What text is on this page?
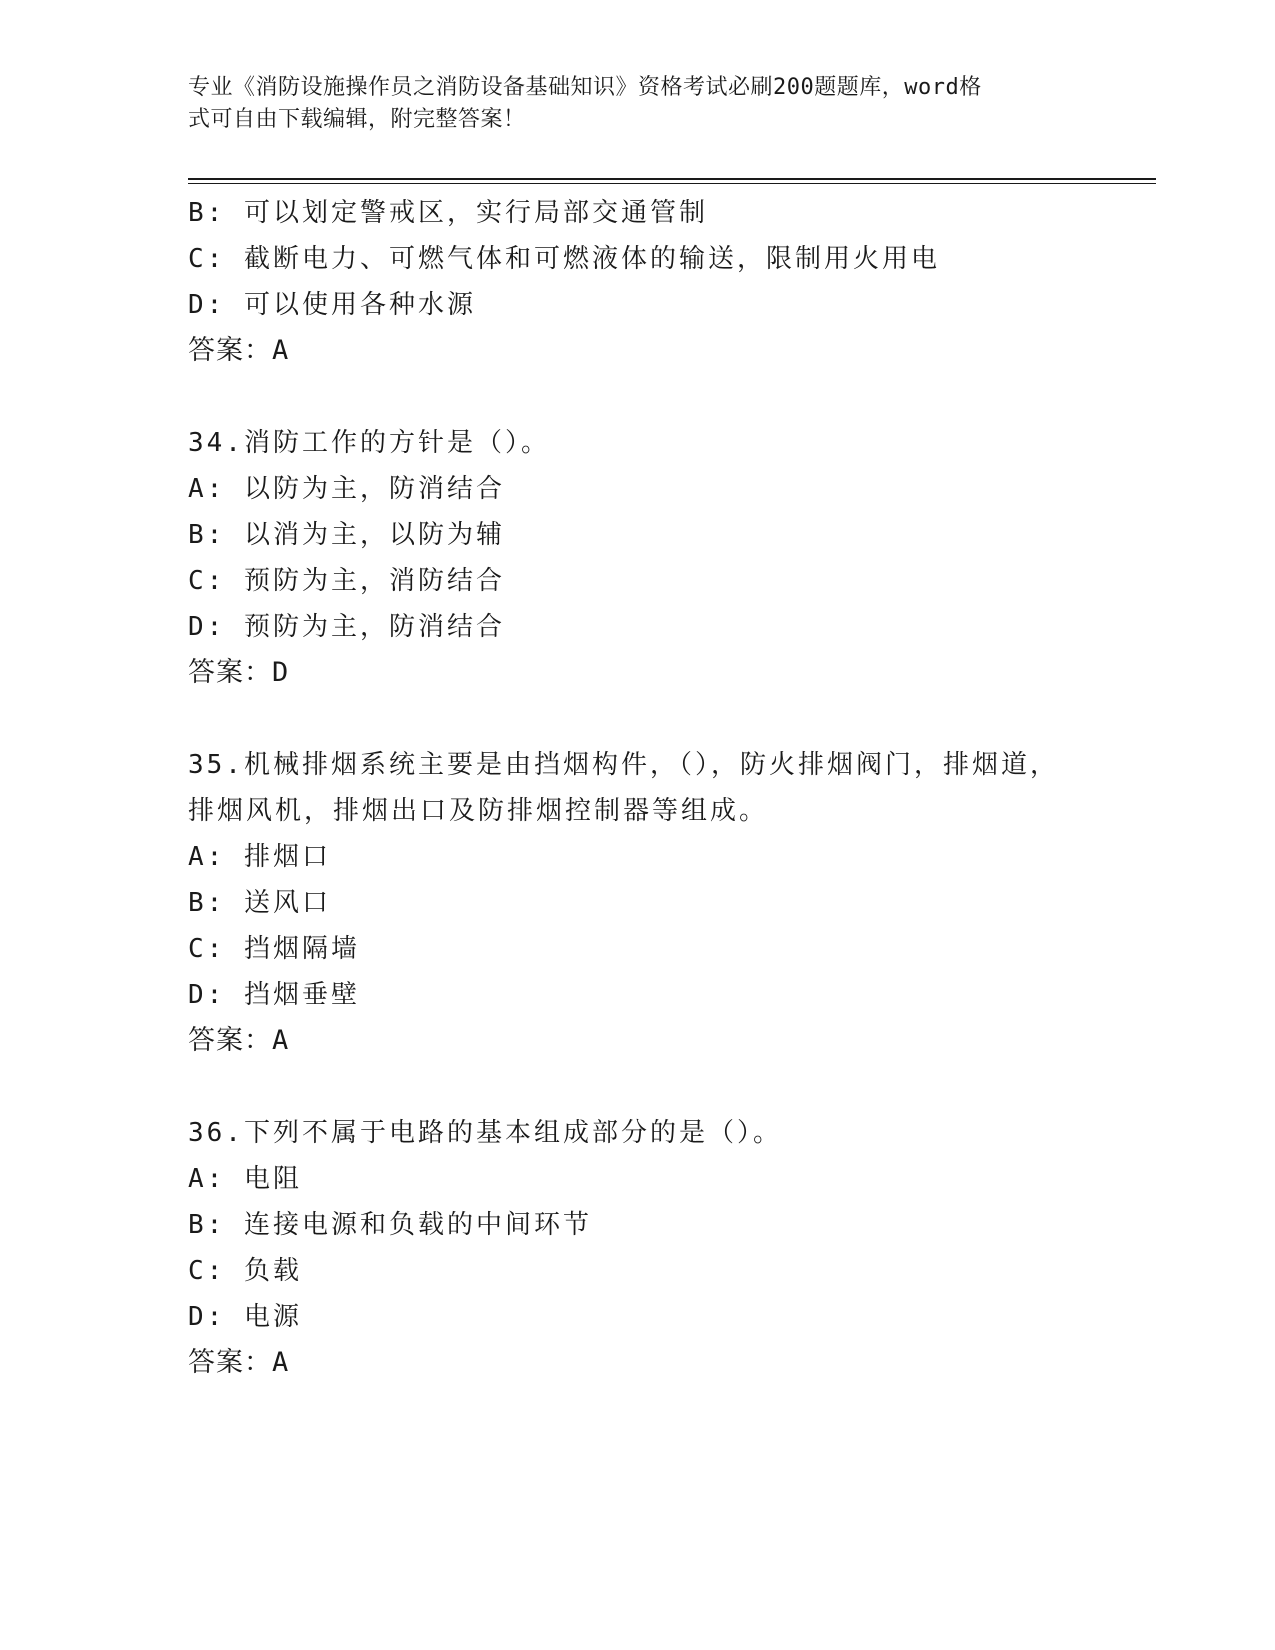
专业《消防设施操作员之消防设备基础知识》资格考试必刷200题题库，word格
式可自由下载编辑，附完整答案！
B: 可以划定警戒区，实行局部交通管制
C: 截断电力、可燃气体和可燃液体的输送，限制用火用电
D: 可以使用各种水源
答案：A
34.消防工作的方针是（）。
A: 以防为主，防消结合
B: 以消为主，以防为辅
C: 预防为主，消防结合
D: 预防为主，防消结合
答案：D
35.机械排烟系统主要是由挡烟构件，（），防火排烟阀门，排烟道，
排烟风机，排烟出口及防排烟控制器等组成。
A: 排烟口
B: 送风口
C: 挡烟隔墙
D: 挡烟垂壁
答案：A
36.下列不属于电路的基本组成部分的是（）。
A: 电阻
B: 连接电源和负载的中间环节
C: 负载
D: 电源
答案：A
